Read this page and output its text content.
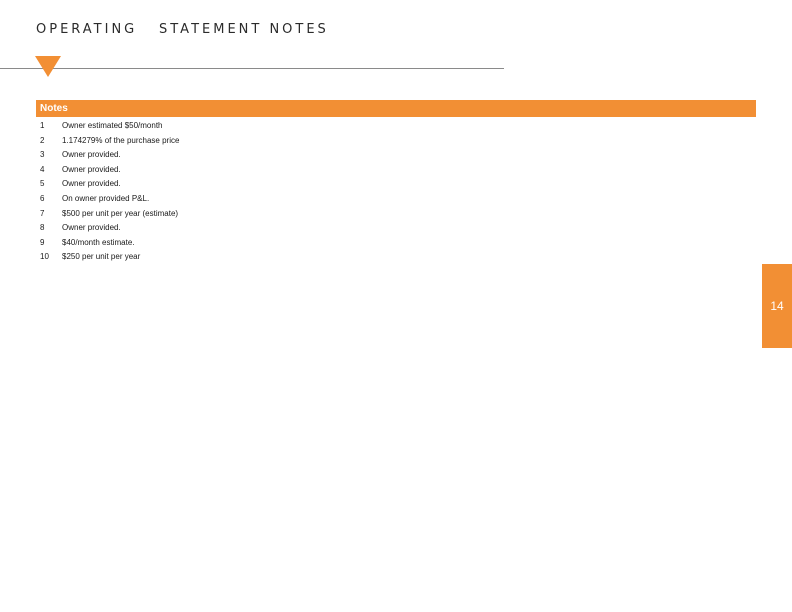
OPERATING STATEMENT NOTES
Notes
1	Owner estimated $50/month
2	1.174279% of the purchase price
3	Owner provided.
4	Owner provided.
5	Owner provided.
6	On owner provided P&L.
7	$500 per unit per year (estimate)
8	Owner provided.
9	$40/month estimate.
10	$250 per unit per year
14
